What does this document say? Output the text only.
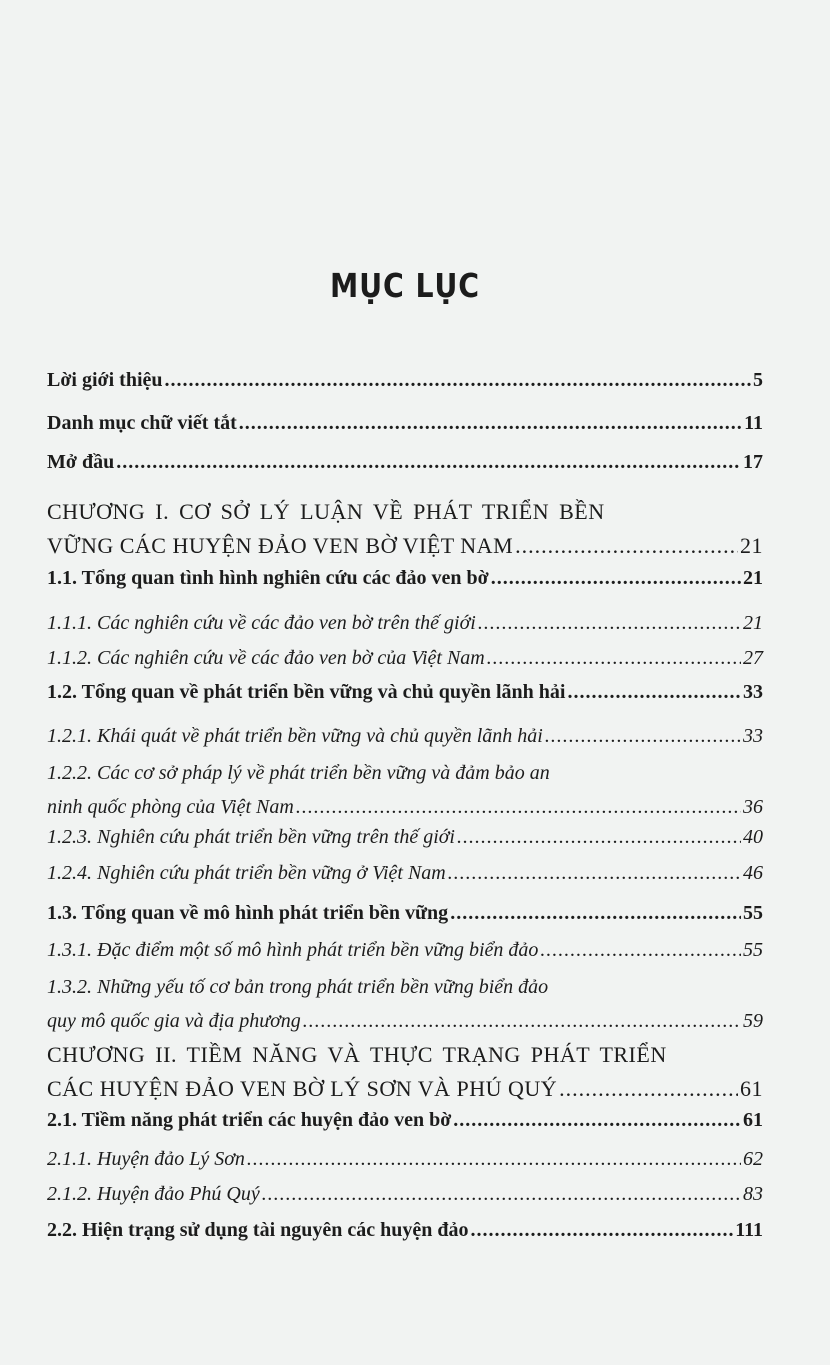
MỤC LỤC
Lời giới thiệu .....	5
Danh mục chữ viết tắt .....	11
Mở đầu .....	17
CHƯƠNG I. CƠ SỞ LÝ LUẬN VỀ PHÁT TRIỂN BỀN
VỮNG CÁC HUYỆN ĐẢO VEN BỜ VIỆT NAM .....	21
1.1. Tổng quan tình hình nghiên cứu các đảo ven bờ .....	21
1.1.1. Các nghiên cứu về các đảo ven bờ trên thế giới .....	21
1.1.2. Các nghiên cứu về các đảo ven bờ của Việt Nam .....	27
1.2. Tổng quan về phát triển bền vững và chủ quyền lãnh hải .....	33
1.2.1. Khái quát về phát triển bền vững và chủ quyền lãnh hải .....	33
1.2.2. Các cơ sở pháp lý về phát triển bền vững và đảm bảo an
ninh quốc phòng của Việt Nam .....	36
1.2.3. Nghiên cứu phát triển bền vững trên thế giới .....	40
1.2.4. Nghiên cứu phát triển bền vững ở Việt Nam .....	46
1.3. Tổng quan về mô hình phát triển bền vững .....	55
1.3.1. Đặc điểm một số mô hình phát triển bền vững biển đảo .....	55
1.3.2. Những yếu tố cơ bản trong phát triển bền vững biển đảo
quy mô quốc gia và địa phương .....	59
CHƯƠNG II. TIỀM NĂNG VÀ THỰC TRẠNG PHÁT TRIỂN
CÁC HUYỆN ĐẢO VEN BỜ LÝ SƠN VÀ PHÚ QUÝ .....	61
2.1. Tiềm năng phát triển các huyện đảo ven bờ .....	61
2.1.1. Huyện đảo Lý Sơn .....	62
2.1.2. Huyện đảo Phú Quý .....	83
2.2. Hiện trạng sử dụng tài nguyên các huyện đảo .....	111
